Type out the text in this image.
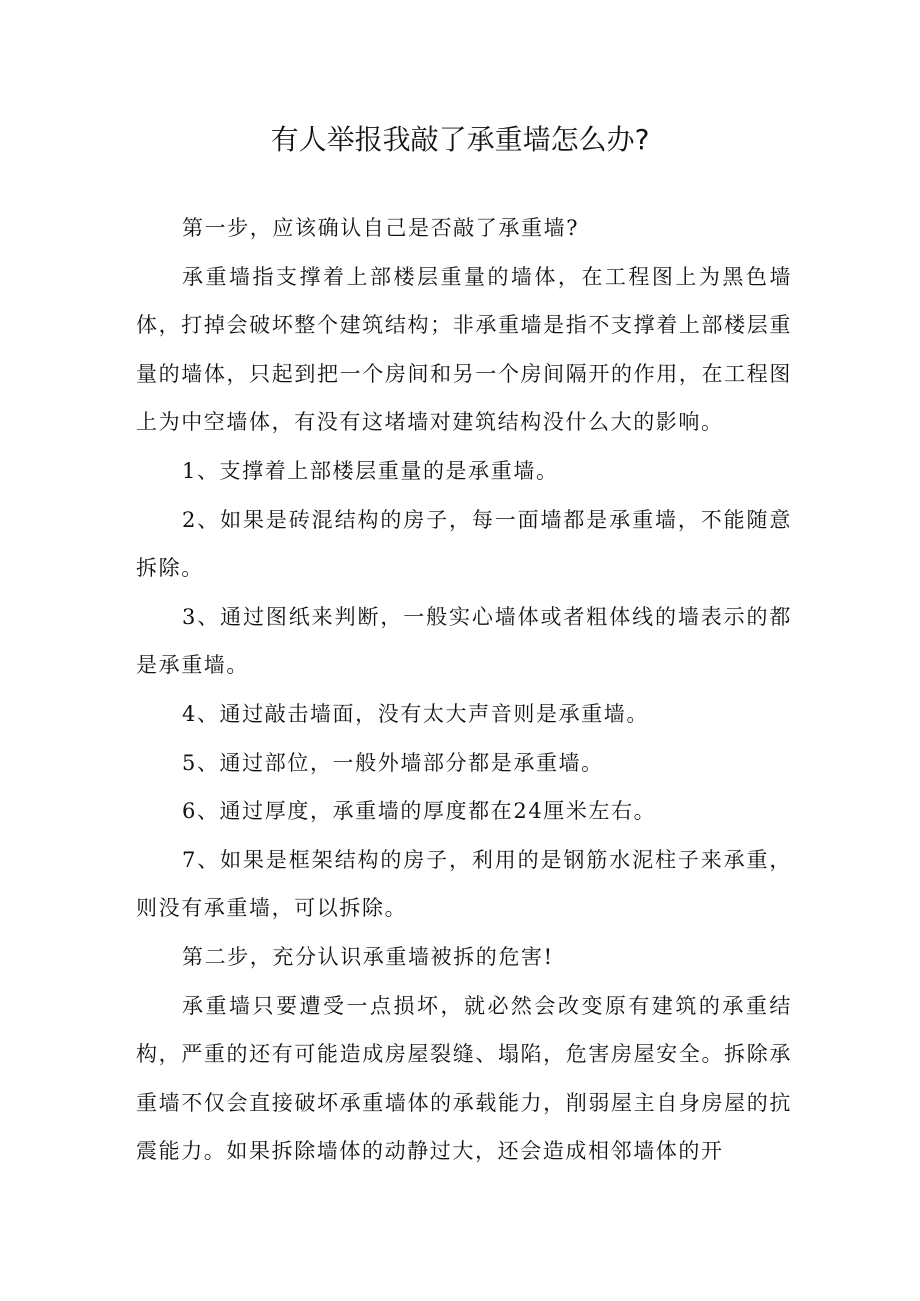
有人举报我敲了承重墙怎么办?

第一步，应该确认自己是否敲了承重墙?

承重墙指支撑着上部楼层重量的墙体，在工程图上为黑色墙体，打掉会破坏整个建筑结构；非承重墙是指不支撑着上部楼层重量的墙体，只起到把一个房间和另一个房间隔开的作用，在工程图上为中空墙体，有没有这堵墙对建筑结构没什么大的影响。

1、支撑着上部楼层重量的是承重墙。

2、如果是砖混结构的房子，每一面墙都是承重墙，不能随意拆除。

3、通过图纸来判断，一般实心墙体或者粗体线的墙表示的都是承重墙。

4、通过敲击墙面，没有太大声音则是承重墙。

5、通过部位，一般外墙部分都是承重墙。

6、通过厚度，承重墙的厚度都在24厘米左右。

7、如果是框架结构的房子，利用的是钢筋水泥柱子来承重，则没有承重墙，可以拆除。

第二步，充分认识承重墙被拆的危害!

承重墙只要遭受一点损坏，就必然会改变原有建筑的承重结构，严重的还有可能造成房屋裂缝、塌陷，危害房屋安全。拆除承重墙不仅会直接破坏承重墙体的承载能力，削弱屋主自身房屋的抗震能力。如果拆除墙体的动静过大，还会造成相邻墙体的开
